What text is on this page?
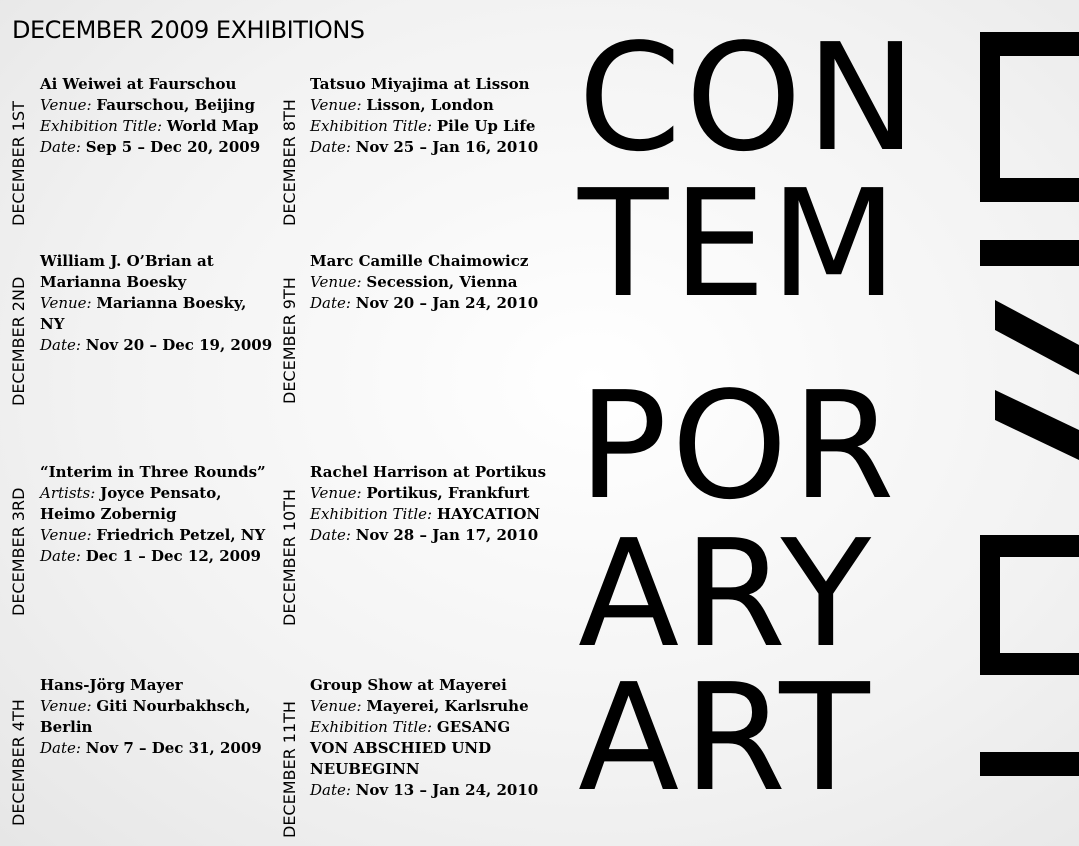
DECEMBER 2009 EXHIBITIONS
DECEMBER 1ST
Ai Weiwei at Faurschou
Venue: Faurschou, Beijing
Exhibition Title: World Map
Date: Sep 5 – Dec 20, 2009
DECEMBER 2ND
William J. O’Brian at Marianna Boesky
Venue: Marianna Boesky, NY
Date: Nov 20 – Dec 19, 2009
DECEMBER 3RD
“Interim in Three Rounds”
Artists: Joyce Pensato, Heimo Zobernig
Venue: Friedrich Petzel, NY
Date: Dec 1 – Dec 12, 2009
DECEMBER 4TH
Hans-Jörg Mayer
Venue: Giti Nourbakhsch, Berlin
Date: Nov 7 – Dec 31, 2009
DECEMBER 8TH
Tatsuo Miyajima at Lisson
Venue: Lisson, London
Exhibition Title: Pile Up Life
Date: Nov 25 – Jan 16, 2010
DECEMBER 9TH
Marc Camille Chaimowicz
Venue: Secession, Vienna
Date: Nov 20 – Jan 24, 2010
DECEMBER 10TH
Rachel Harrison at Portikus
Venue: Portikus, Frankfurt
Exhibition Title: HAYCATION
Date: Nov 28 – Jan 17, 2010
DECEMBER 11TH
Group Show at Mayerei
Venue: Mayerei, Karlsruhe
Exhibition Title: GESANG VON ABSCHIED UND NEUBEGINN
Date: Nov 13 – Jan 24, 2010
CON
TEM
POR
ARY
ART
